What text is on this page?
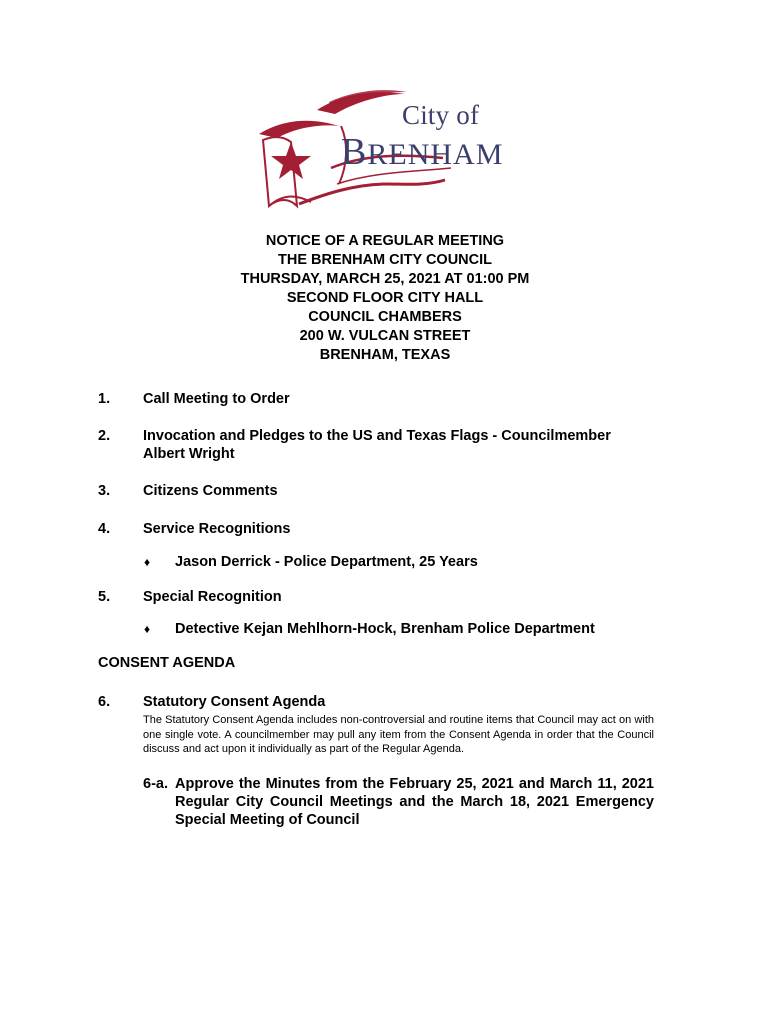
City of
BRENHAM
NOTICE OF A REGULAR MEETING
THE BRENHAM CITY COUNCIL
THURSDAY, MARCH 25, 2021 AT 01:00 PM
SECOND FLOOR CITY HALL
COUNCIL CHAMBERS
200 W. VULCAN STREET
BRENHAM, TEXAS
1. Call Meeting to Order
2. Invocation and Pledges to the US and Texas Flags - Councilmember Albert Wright
3. Citizens Comments
4. Service Recognitions
♦ Jason Derrick - Police Department, 25 Years
5. Special Recognition
♦ Detective Kejan Mehlhorn-Hock, Brenham Police Department
CONSENT AGENDA
6. Statutory Consent Agenda
The Statutory Consent Agenda includes non-controversial and routine items that Council may act on with one single vote. A councilmember may pull any item from the Consent Agenda in order that the Council discuss and act upon it individually as part of the Regular Agenda.
6-a. Approve the Minutes from the February 25, 2021 and March 11, 2021 Regular City Council Meetings and the March 18, 2021 Emergency Special Meeting of Council
